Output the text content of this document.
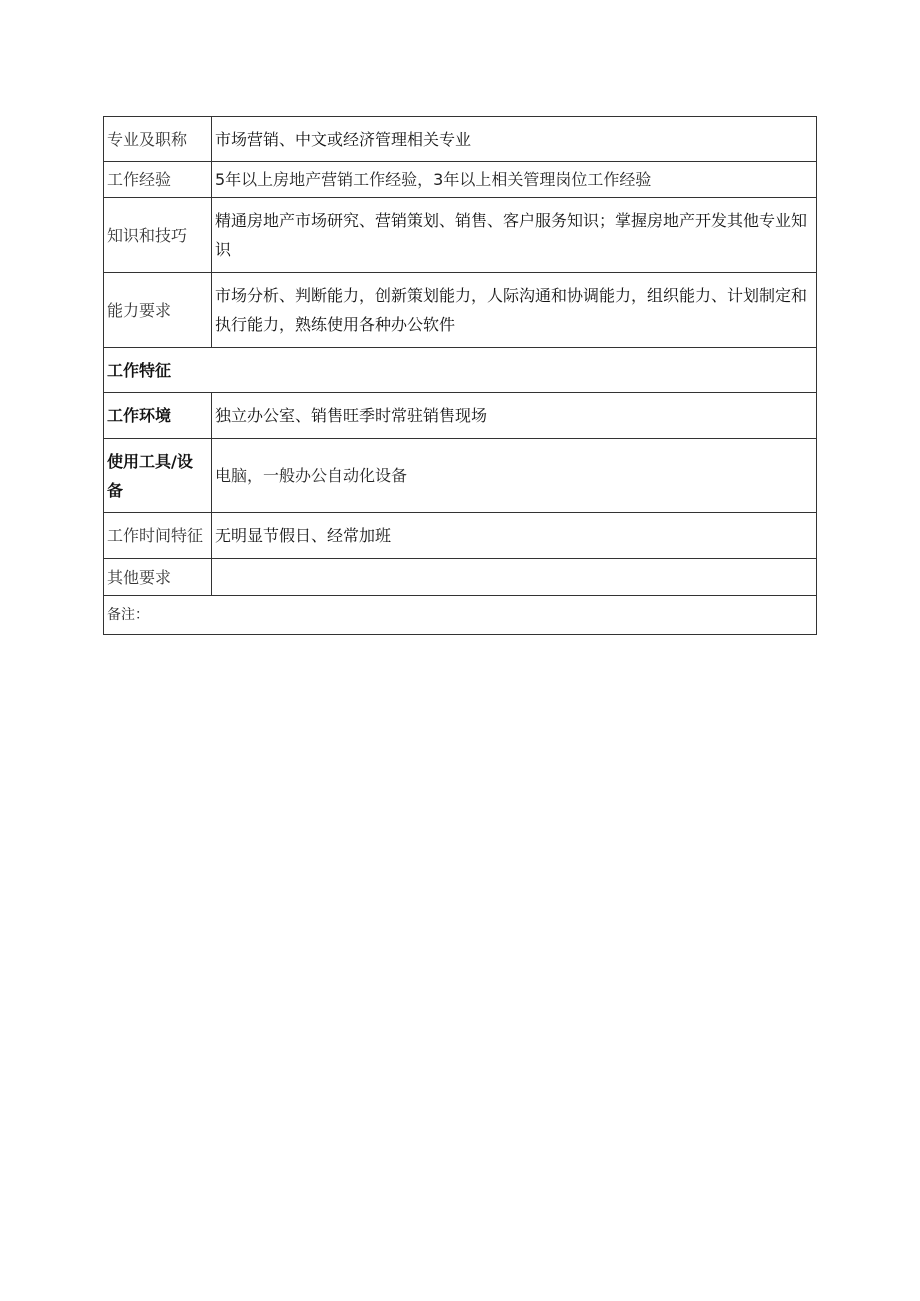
专业及职称	市场营销、中文或经济管理相关专业
工作经验	5年以上房地产营销工作经验，3年以上相关管理岗位工作经验
知识和技巧	精通房地产市场研究、营销策划、销售、客户服务知识；掌握房地产开发其他专业知识
能力要求	市场分析、判断能力，创新策划能力，人际沟通和协调能力，组织能力、计划制定和执行能力，熟练使用各种办公软件
工作特征	
工作环境	独立办公室、销售旺季时常驻销售现场
使用工具/设备	电脑，一般办公自动化设备
工作时间特征	无明显节假日、经常加班
其他要求	
备注：	
